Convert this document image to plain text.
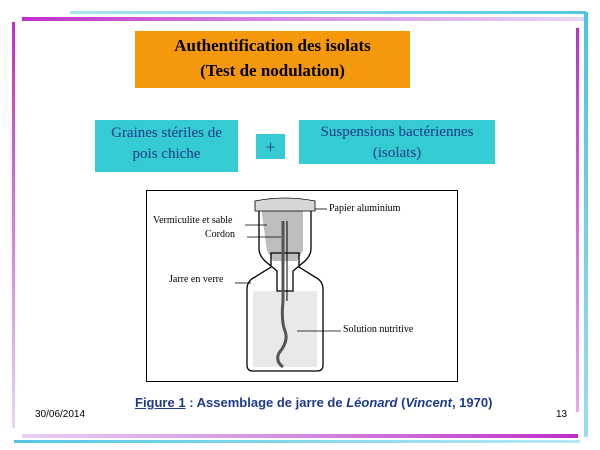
Authentification des isolats
(Test de nodulation)
Graines stériles de
pois chiche	+
Suspensions bactériennes
(isolats)
Papier aluminium
Vermiculite et sable
Cordon
Jarre en verre
Solution nutritive
Figure 1 : Assemblage de jarre de Léonard (Vincent, 1970)
30/06/2014	13
